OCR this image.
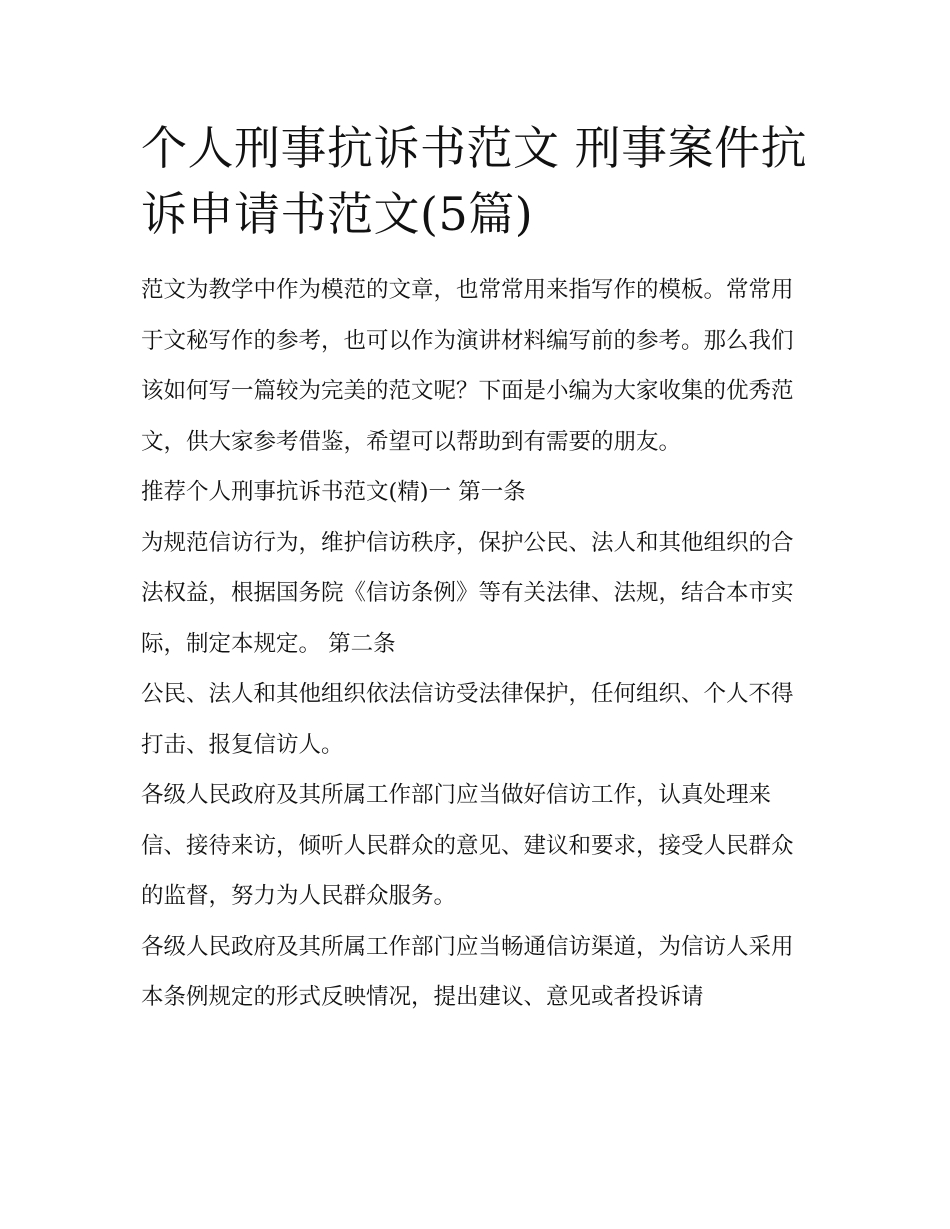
个人刑事抗诉书范文 刑事案件抗诉申请书范文(5篇)

范文为教学中作为模范的文章，也常常用来指写作的模板。常常用于文秘写作的参考，也可以作为演讲材料编写前的参考。那么我们该如何写一篇较为完美的范文呢？下面是小编为大家收集的优秀范文，供大家参考借鉴，希望可以帮助到有需要的朋友。

推荐个人刑事抗诉书范文(精)一 第一条

为规范信访行为，维护信访秩序，保护公民、法人和其他组织的合法权益，根据国务院《信访条例》等有关法律、法规，结合本市实际，制定本规定。 第二条

公民、法人和其他组织依法信访受法律保护，任何组织、个人不得打击、报复信访人。

各级人民政府及其所属工作部门应当做好信访工作，认真处理来信、接待来访，倾听人民群众的意见、建议和要求，接受人民群众的监督，努力为人民群众服务。

各级人民政府及其所属工作部门应当畅通信访渠道，为信访人采用本条例规定的形式反映情况，提出建议、意见或者投诉请
